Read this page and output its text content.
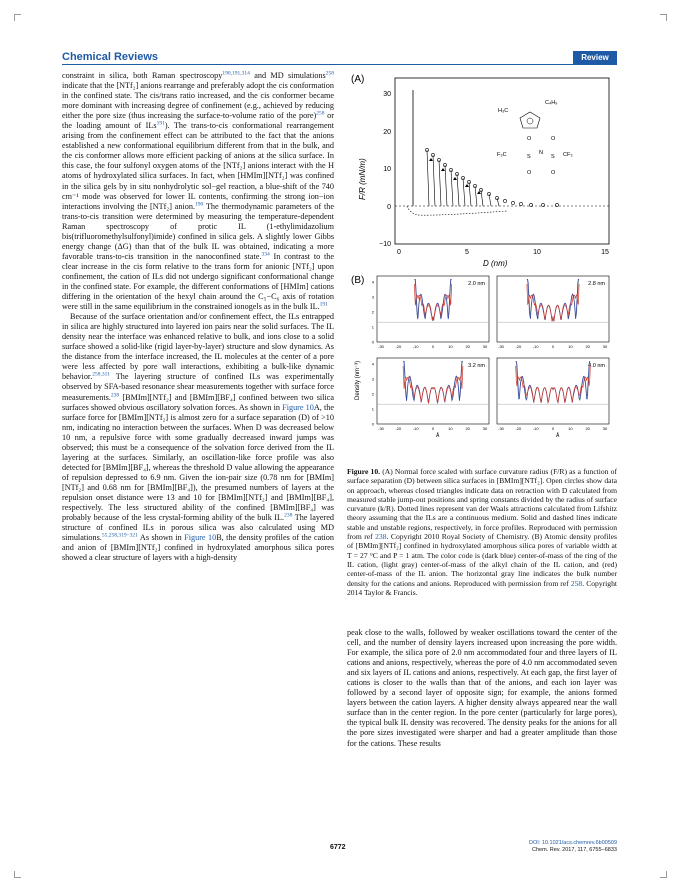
Chemical Reviews	Review

constraint in silica, both Raman spectroscopy$^{190,191,314}$ and MD simulations$^{258}$ indicate that the [NTf₂] anions rearrange and preferably adopt the cis conformation in the confined state. The cis/trans ratio increased, and the cis conformer became more dominant with increasing degree of confinement (e.g., achieved by reducing either the pore size (thus increasing the surface-to-volume ratio of the pore)$^{258}$ or the loading amount of ILs$^{191}$). The trans-to-cis conformational rearrangement arising from the confinement effect can be attributed to the fact that the anions established a new conformational equilibrium different from that in the bulk, and the cis conformer allows more efficient packing of anions at the silica surface. In this case, the four sulfonyl oxygen atoms of the [NTf₂] anions interact with the H atoms of hydroxylated silica surfaces. In fact, when [HMIm][NTf₂] was confined in the silica gels by in situ nonhydrolytic sol−gel reaction, a blue-shift of the 740 cm⁻¹ mode was observed for lower IL contents, confirming the strong ion−ion interactions involving the [NTf₂] anion.$^{190}$ The thermodynamic parameters of the trans-to-cis transition were determined by measuring the temperature-dependent Raman spectroscopy of protic IL (1-ethylimidazolium bis(trifluoromethylsulfonyl)imide) confined in silica gels. A slightly lower Gibbs energy change (ΔG) than that of the bulk IL was obtained, indicating a more favorable trans-to-cis transition in the nanoconfined state.$^{334}$ In contrast to the clear increase in the cis form relative to the trans form for anionic [NTf₂] upon confinement, the cation of ILs did not undergo significant conformational change in the confined state. For example, the different conformations of [HMIm] cations differing in the orientation of the hexyl chain around the C₅−C₆ axis of rotation were still in the same equilibrium in the constrained ionogels as in the bulk IL.$^{191}$

Because of the surface orientation and/or confinement effect, the ILs entrapped in silica are highly structured into layered ion pairs near the solid surfaces. The IL density near the interface was enhanced relative to bulk, and ions close to a solid surface showed a solid-like (rigid layer-by-layer) structure and slow dynamics. As the distance from the interface increased, the IL molecules at the center of a pore were less affected by pore wall interactions, exhibiting a bulk-like dynamic behavior.$^{258,311}$ The layering structure of confined ILs was experimentally observed by SFA-based resonance shear measurements together with surface force measurements.$^{238}$ [BMIm][NTf₂] and [BMIm][BF₄] confined between two silica surfaces showed obvious oscillatory solvation forces. As shown in Figure 10A, the surface force for [BMIm][NTf₂] is almost zero for a surface separation (D) of >10 nm, indicating no interaction between the surfaces. When D was decreased below 10 nm, a repulsive force with some gradually decreased inward jumps was observed; this must be a consequence of the solvation force derived from the IL layering at the surfaces. Similarly, an oscillation-like force profile was also detected for [BMIm][BF₄], whereas the threshold D value allowing the appearance of repulsion depressed to 6.9 nm. Given the ion-pair size (0.78 nm for [BMIm][NTf₂] and 0.68 nm for [BMIm][BF₄]), the presumed numbers of layers at the repulsion onset distance were 13 and 10 for [BMIm][NTf₂] and [BMIm][BF₄], respectively. The less structured ability of the confined [BMIm][BF₄] was probably because of the less crystal-forming ability of the bulk IL.$^{238}$ The layered structure of confined ILs in porous silica was also calculated using MD simulations.$^{55,258,319-321}$ As shown in Figure 10B, the density profiles of the cation and anion of [BMIm][NTf₂] confined in hydroxylated amorphous silica pores showed a clear structure of layers with a high-density

(A)
F/R (mN/m)
D (nm)
−10
0
10
20
30
0	5	10	15
H₃C
C₄H₉
F₃C	S
N
S CF₃
O	O
O	O
(B)
Density (nm⁻³)
2.0 nm
-30	-20	-10	0	10	20	30
0
1
2
3
4	2.8 nm
-30	-20	-10	0	10	20	30
3.2 nm
-30	-20	-10	0	10	20	30
0
1
2
3
4
Å
4.0 nm
-30	-20	-10	0	10	20	30
Å
Figure 10. (A) Normal force scaled with surface curvature radius (F/R) as a function of surface separation (D) between silica surfaces in [BMIm][NTf₂]. Open circles show data on approach, whereas closed triangles indicate data on retraction with D calculated from measured stable jump-out positions and spring constants divided by the radius of surface curvature (k/R). Dotted lines represent van der Waals attractions calculated from Lifshitz theory assuming that the ILs are a continuous medium. Solid and dashed lines indicate stable and unstable regions, respectively, in force profiles. Reproduced with permission from ref 238. Copyright 2010 Royal Society of Chemistry. (B) Atomic density profiles of [BMIm][NTf₂] confined in hydroxylated amorphous silica pores of variable width at T = 27 °C and P = 1 atm. The color code is (dark blue) center-of-mass of the ring of the IL cation, (light gray) center-of-mass of the alkyl chain of the IL cation, and (red) center-of-mass of the IL anion. The horizontal gray line indicates the bulk number density for the cations and anions. Reproduced with permission from ref 258. Copyright 2014 Taylor & Francis.
peak close to the walls, followed by weaker oscillations toward the center of the cell, and the number of density layers increased upon increasing the pore width. For example, the silica pore of 2.0 nm accommodated four and three layers of IL cations and anions, respectively, whereas the pore of 4.0 nm accommodated seven and six layers of IL cations and anions, respectively. At each gap, the first layer of cations is closer to the walls than that of the anions, and each ion layer was followed by a second layer of opposite sign; for example, the anions formed layers between the cation layers. A higher density always appeared near the wall surface than in the center region. In the pore center (particularly for large pores), the typical bulk IL density was recovered. The density peaks for the anions for all the pore sizes investigated were sharper and had a greater amplitude than those for the cations. These results
6772
DOI: 10.1021/acs.chemrev.6b00509
Chem. Rev. 2017, 117, 6755−6833
